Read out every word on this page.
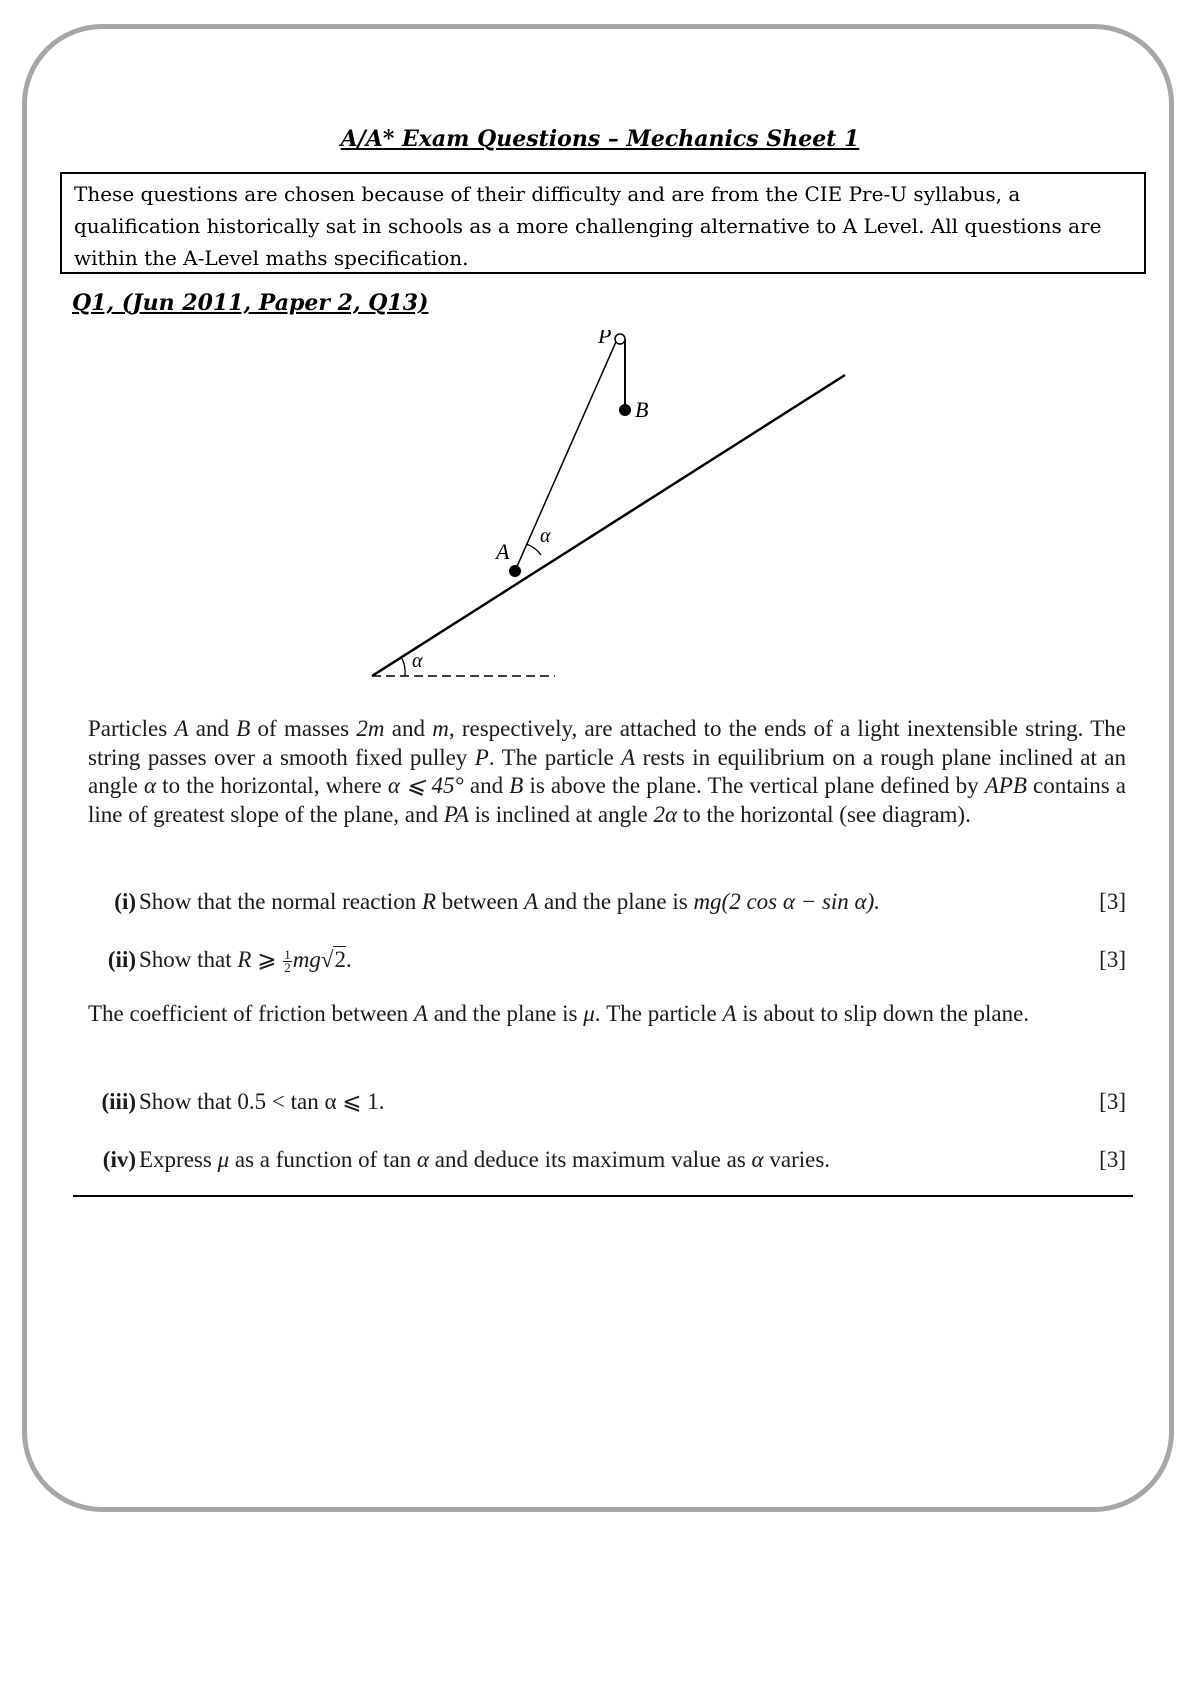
A/A* Exam Questions – Mechanics Sheet 1
These questions are chosen because of their difficulty and are from the CIE Pre-U syllabus, a qualification historically sat in schools as a more challenging alternative to A Level. All questions are within the A-Level maths specification.
Q1, (Jun 2011, Paper 2, Q13)
P
B
A
α
α

Particles A and B of masses 2m and m, respectively, are attached to the ends of a light inextensible string. The string passes over a smooth fixed pulley P. The particle A rests in equilibrium on a rough plane inclined at an angle α to the horizontal, where α ⩽ 45° and B is above the plane. The vertical plane defined by APB contains a line of greatest slope of the plane, and PA is inclined at angle 2α to the horizontal (see diagram).

(i) Show that the normal reaction R between A and the plane is mg(2 cos α − sin α).	[3]
(ii) Show that R ⩾ $\frac{1}{2} mg√2$.	[3]

The coefficient of friction between A and the plane is μ. The particle A is about to slip down the plane.

(iii) Show that 0.5 < tan α ⩽ 1.	[3]
(iv) Express μ as a function of tan α and deduce its maximum value as α varies.	[3]
